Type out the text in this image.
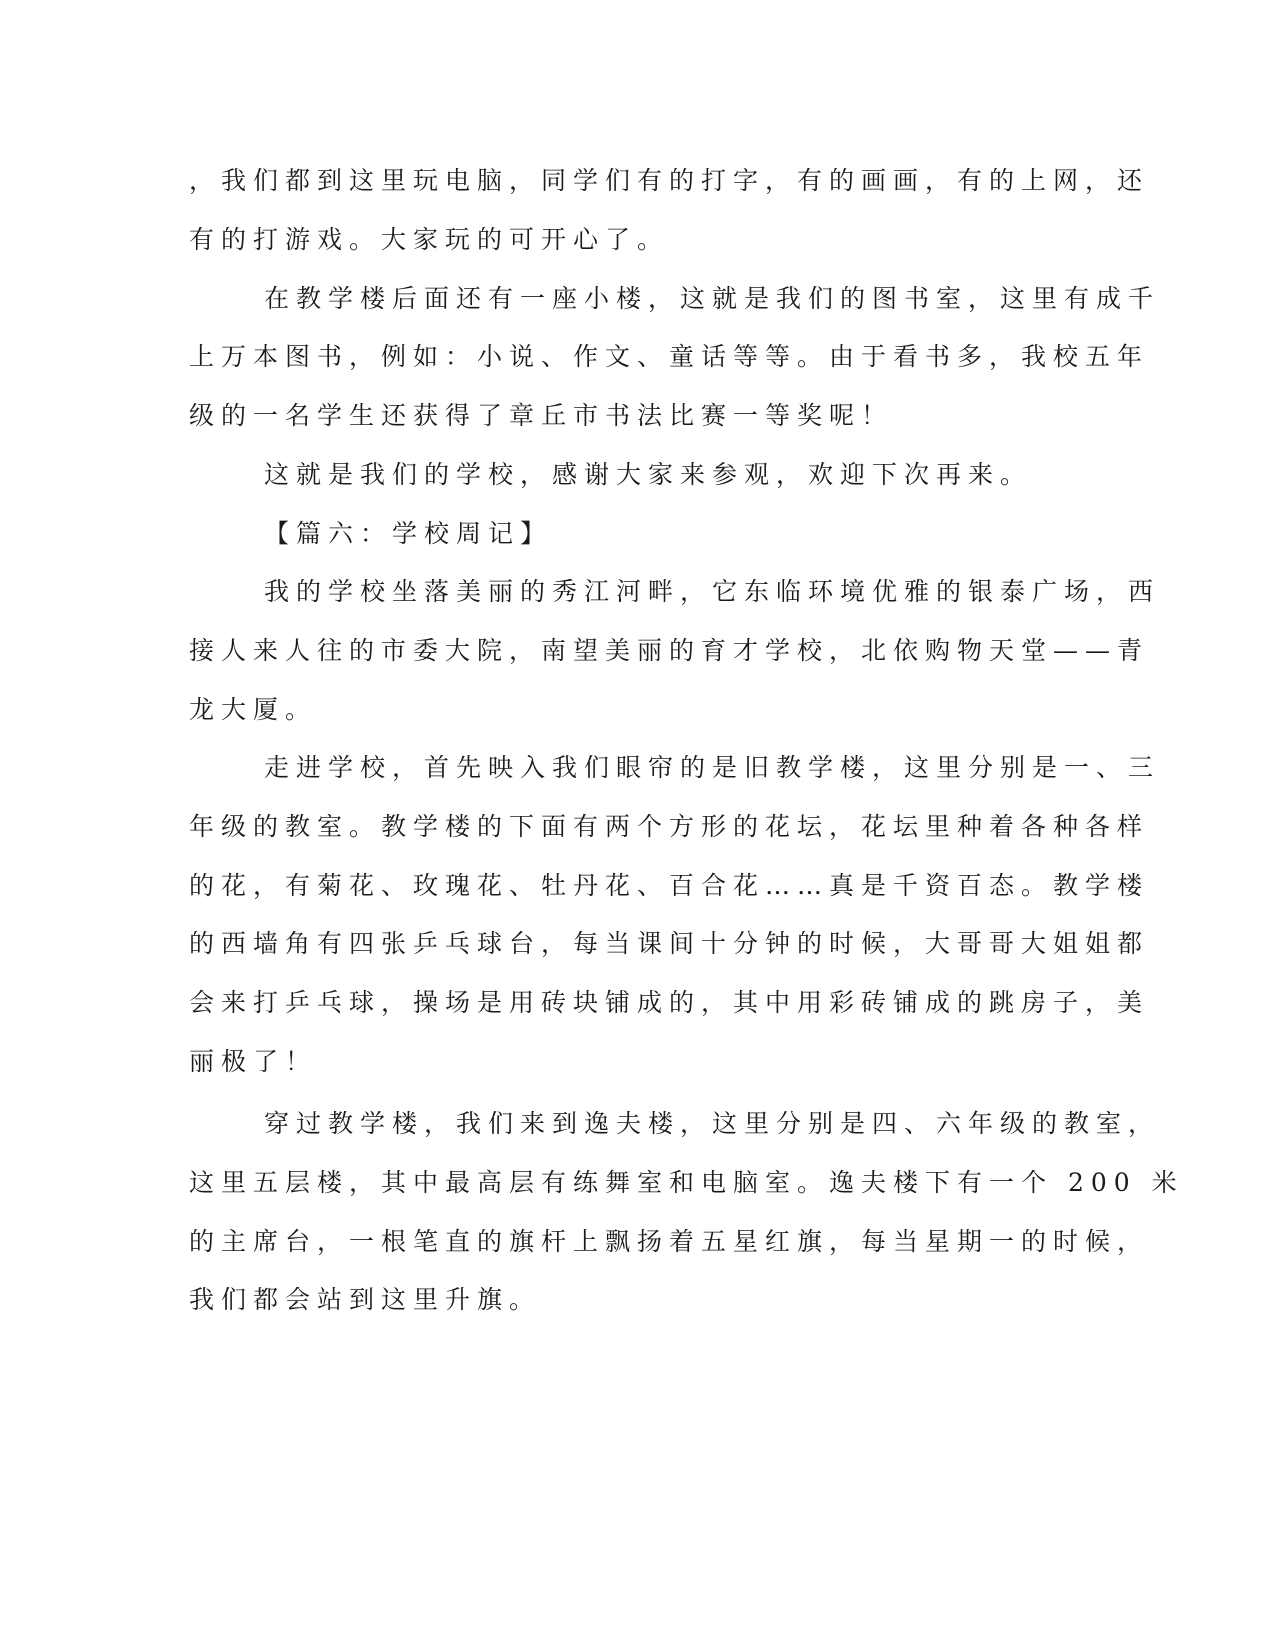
，我们都到这里玩电脑，同学们有的打字，有的画画，有的上网，还
有的打游戏。大家玩的可开心了。
在教学楼后面还有一座小楼，这就是我们的图书室，这里有成千
上万本图书，例如：小说、作文、童话等等。由于看书多，我校五年
级的一名学生还获得了章丘市书法比赛一等奖呢！
这就是我们的学校，感谢大家来参观，欢迎下次再来。
【篇六：学校周记】
我的学校坐落美丽的秀江河畔，它东临环境优雅的银泰广场，西
接人来人往的市委大院，南望美丽的育才学校，北依购物天堂——青
龙大厦。
走进学校，首先映入我们眼帘的是旧教学楼，这里分别是一、三
年级的教室。教学楼的下面有两个方形的花坛，花坛里种着各种各样
的花，有菊花、玫瑰花、牡丹花、百合花……真是千资百态。教学楼
的西墙角有四张乒乓球台，每当课间十分钟的时候，大哥哥大姐姐都
会来打乒乓球，操场是用砖块铺成的，其中用彩砖铺成的跳房子，美
丽极了！
穿过教学楼，我们来到逸夫楼，这里分别是四、六年级的教室，
这里五层楼，其中最高层有练舞室和电脑室。逸夫楼下有一个 200 米
的主席台，一根笔直的旗杆上飘扬着五星红旗，每当星期一的时候，
我们都会站到这里升旗。
